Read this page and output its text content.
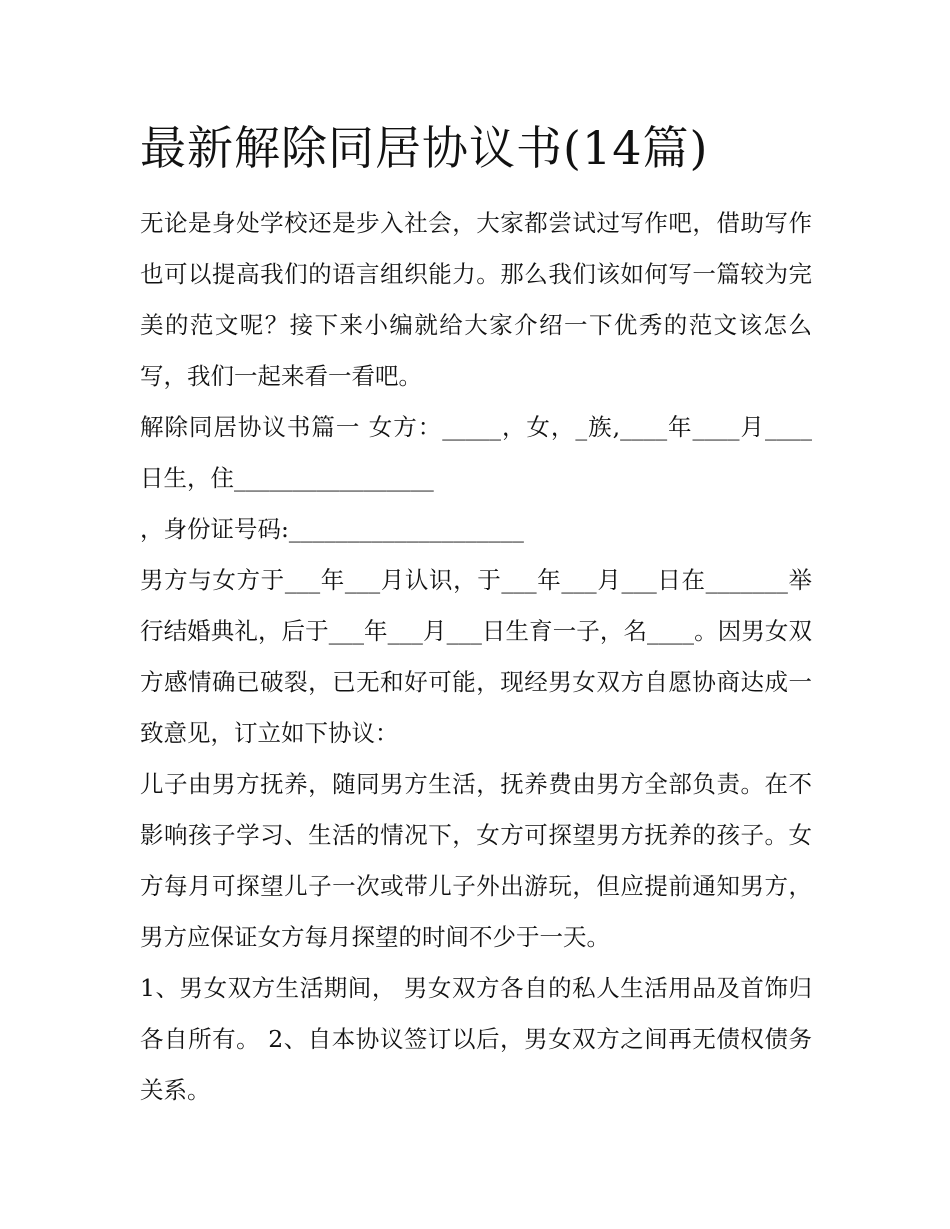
最新解除同居协议书(14篇)

无论是身处学校还是步入社会，大家都尝试过写作吧，借助写作也可以提高我们的语言组织能力。那么我们该如何写一篇较为完美的范文呢？接下来小编就给大家介绍一下优秀的范文该怎么写，我们一起来看一看吧。

解除同居协议书篇一 女方：_____，女，_族,____年____月____日生，住_________________

，身份证号码:____________________

男方与女方于___年___月认识，于___年___月___日在_______举行结婚典礼，后于___年___月___日生育一子，名____。因男女双方感情确已破裂，已无和好可能，现经男女双方自愿协商达成一致意见，订立如下协议：

儿子由男方抚养，随同男方生活，抚养费由男方全部负责。在不影响孩子学习、生活的情况下，女方可探望男方抚养的孩子。女方每月可探望儿子一次或带儿子外出游玩，但应提前通知男方，男方应保证女方每月探望的时间不少于一天。

1、男女双方生活期间， 男女双方各自的私人生活用品及首饰归各自所有。 2、自本协议签订以后，男女双方之间再无债权债务关系。
